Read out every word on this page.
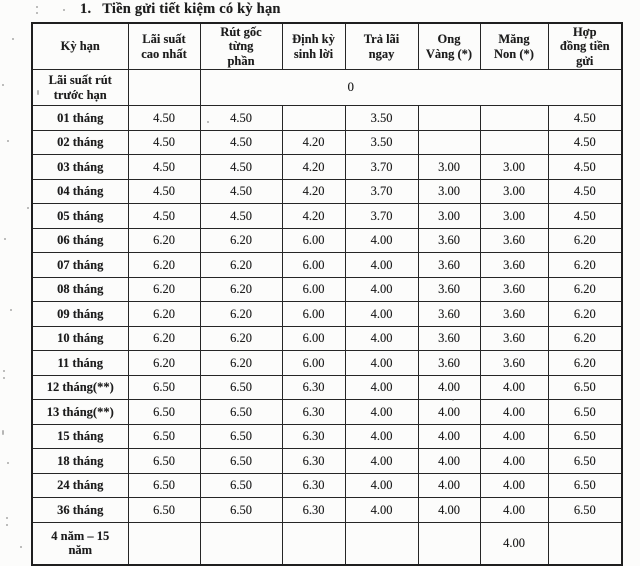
1. Tiền gửi tiết kiệm có kỳ hạn
Kỳ hạn	Lãi suất cao nhất	Rút gốc từng phần	Định kỳ sinh lời	Trả lãi ngay	Ong Vàng (*)	Măng Non (*)	Hợp đồng tiền gửi
Lãi suất rút trước hạn		0					
01 tháng	4.50	4.50		3.50			4.50
02 tháng	4.50	4.50	4.20	3.50			4.50
03 tháng	4.50	4.50	4.20	3.70	3.00	3.00	4.50
04 tháng	4.50	4.50	4.20	3.70	3.00	3.00	4.50
05 tháng	4.50	4.50	4.20	3.70	3.00	3.00	4.50
06 tháng	6.20	6.20	6.00	4.00	3.60	3.60	6.20
07 tháng	6.20	6.20	6.00	4.00	3.60	3.60	6.20
08 tháng	6.20	6.20	6.00	4.00	3.60	3.60	6.20
09 tháng	6.20	6.20	6.00	4.00	3.60	3.60	6.20
10 tháng	6.20	6.20	6.00	4.00	3.60	3.60	6.20
11 tháng	6.20	6.20	6.00	4.00	3.60	3.60	6.20
12 tháng(**)	6.50	6.50	6.30	4.00	4.00	4.00	6.50
13 tháng(**)	6.50	6.50	6.30	4.00	4.00	4.00	6.50
15 tháng	6.50	6.50	6.30	4.00	4.00	4.00	6.50
18 tháng	6.50	6.50	6.30	4.00	4.00	4.00	6.50
24 tháng	6.50	6.50	6.30	4.00	4.00	4.00	6.50
36 tháng	6.50	6.50	6.30	4.00	4.00	4.00	6.50
4 năm – 15 năm						4.00	
